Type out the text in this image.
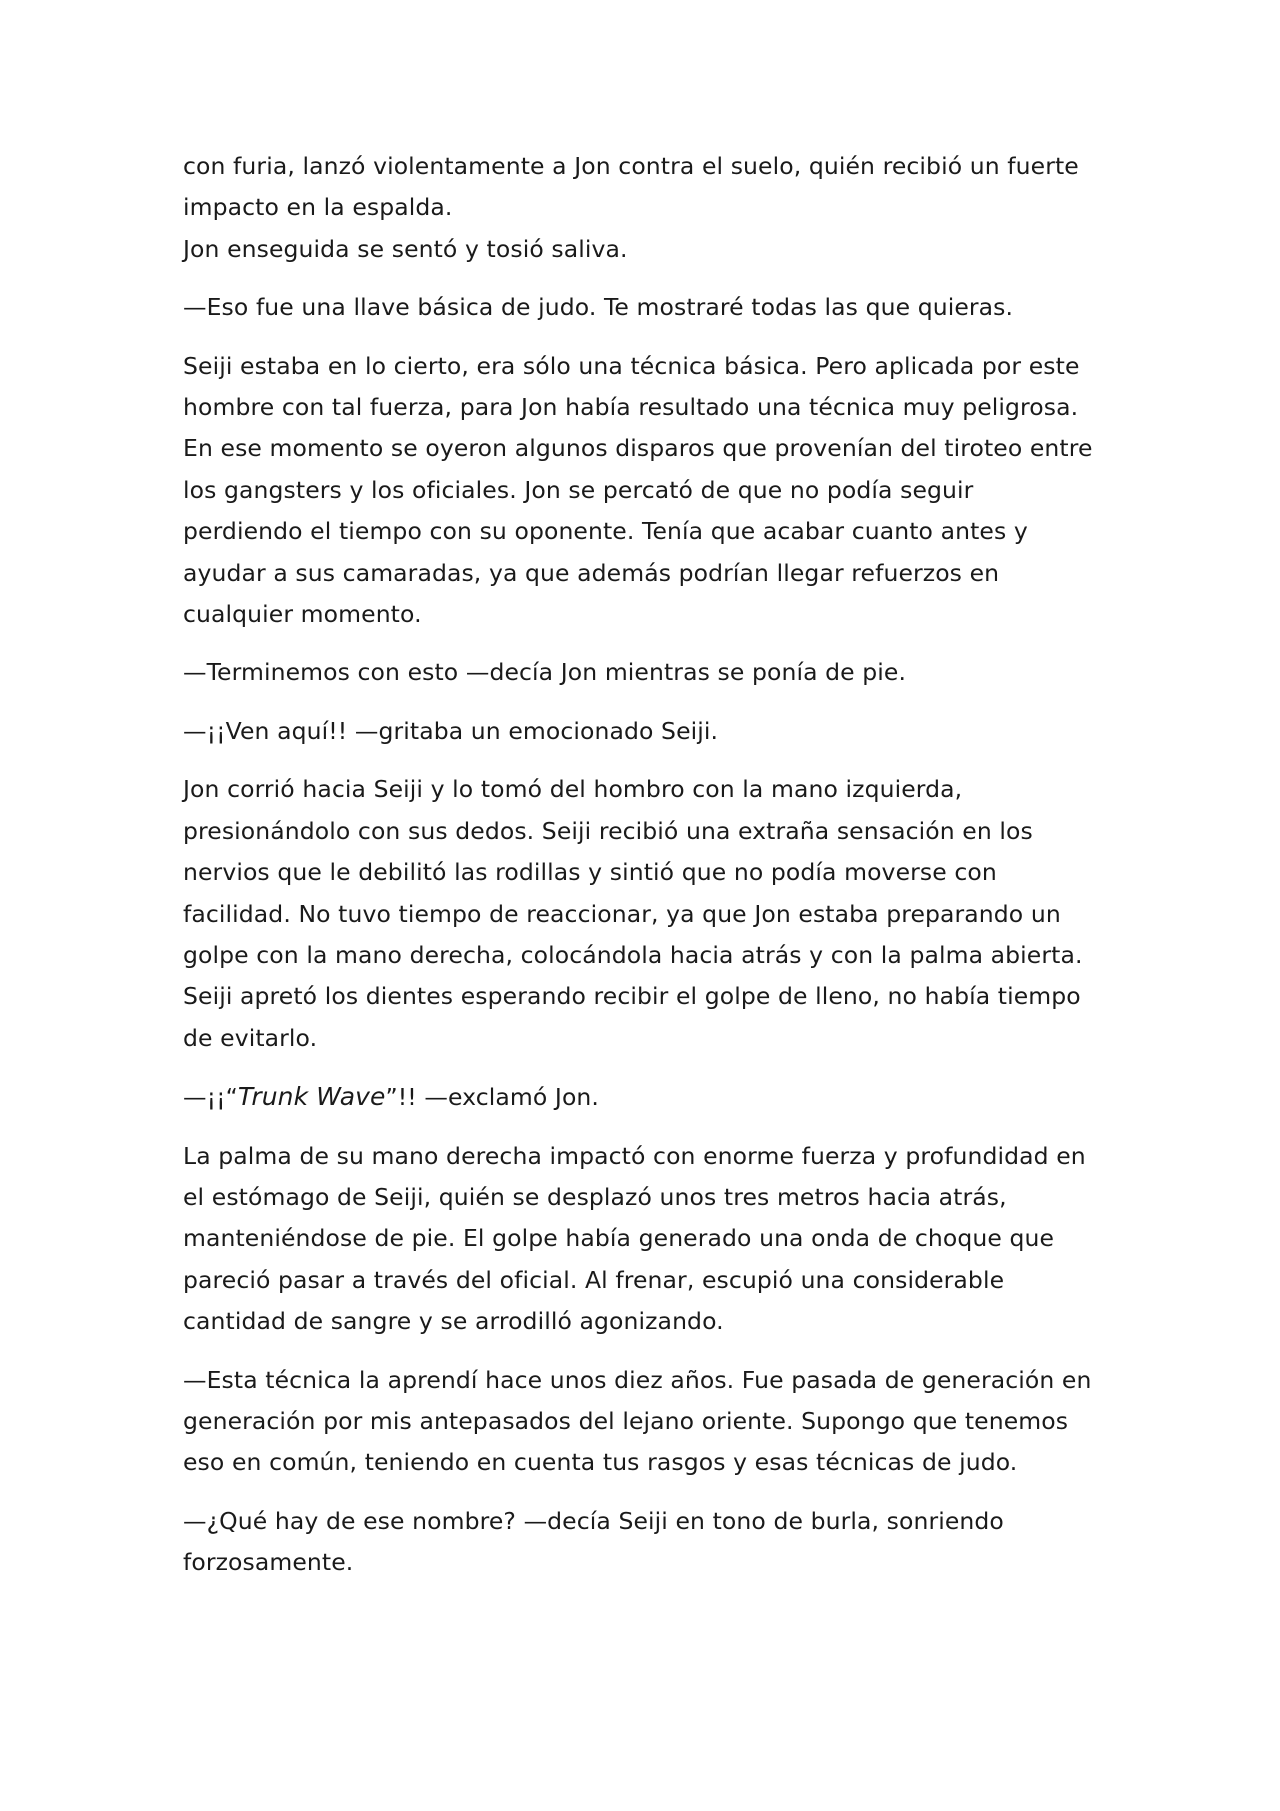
con furia, lanzó violentamente a Jon contra el suelo, quién recibió un fuerte
impacto en la espalda.

Jon enseguida se sentó y tosió saliva.

—Eso fue una llave básica de judo. Te mostraré todas las que quieras.

Seiji estaba en lo cierto, era sólo una técnica básica. Pero aplicada por este
hombre con tal fuerza, para Jon había resultado una técnica muy peligrosa.
En ese momento se oyeron algunos disparos que provenían del tiroteo entre
los gangsters y los oficiales. Jon se percató de que no podía seguir
perdiendo el tiempo con su oponente. Tenía que acabar cuanto antes y
ayudar a sus camaradas, ya que además podrían llegar refuerzos en
cualquier momento.

—Terminemos con esto —decía Jon mientras se ponía de pie.

—¡¡Ven aquí!! —gritaba un emocionado Seiji.

Jon corrió hacia Seiji y lo tomó del hombro con la mano izquierda,
presionándolo con sus dedos. Seiji recibió una extraña sensación en los
nervios que le debilitó las rodillas y sintió que no podía moverse con
facilidad. No tuvo tiempo de reaccionar, ya que Jon estaba preparando un
golpe con la mano derecha, colocándola hacia atrás y con la palma abierta.
Seiji apretó los dientes esperando recibir el golpe de lleno, no había tiempo
de evitarlo.

—¡¡“Trunk Wave”!! —exclamó Jon.

La palma de su mano derecha impactó con enorme fuerza y profundidad en
el estómago de Seiji, quién se desplazó unos tres metros hacia atrás,
manteniéndose de pie. El golpe había generado una onda de choque que
pareció pasar a través del oficial. Al frenar, escupió una considerable
cantidad de sangre y se arrodilló agonizando.

—Esta técnica la aprendí hace unos diez años. Fue pasada de generación en
generación por mis antepasados del lejano oriente. Supongo que tenemos
eso en común, teniendo en cuenta tus rasgos y esas técnicas de judo.

—¿Qué hay de ese nombre? —decía Seiji en tono de burla, sonriendo
forzosamente.
